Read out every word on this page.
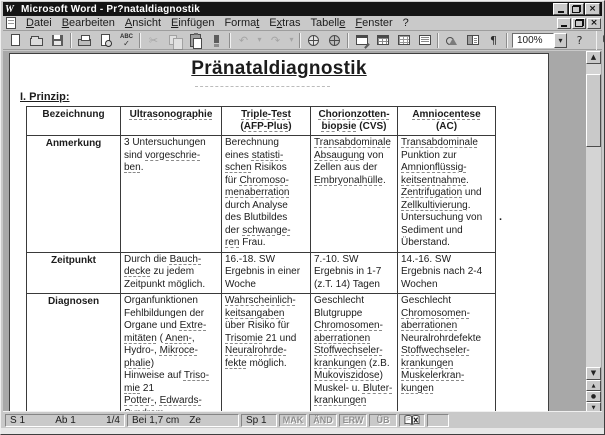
W Microsoft Word - Pr?nataldiagnostik	×
Datei Bearbeiten Ansicht Einfügen Format Extras Tabelle Fenster ?	×
ABC
✓ ✂	↶ ▾ ↷ ▾	¶	100%	▾	?
Pränataldiagnostik
I. Prinzip:
Bezeichnung	Ultrasonographie	Triple-Test
(AFP-Plus)	Chorionzotten-
biopsie (CVS)	Amniocentese
(AC)
Anmerkung	3 Untersuchungen
sind vorgeschrie-
ben.	Berechnung
eines statisti-
schen Risikos
für Chromoso-
menaberration
durch Analyse
des Blutbildes
der schwange-
ren Frau.	Transabdominale
Absaugung von
Zellen aus der
Embryonalhülle.	Transabdominale
Punktion zur
Amnionflüssig-
keitsentnahme.
Zentrifugation und
Zellkultivierung.
Untersuchung von
Sediment und
Überstand.
Zeitpunkt	Durch die Bauch-
decke zu jedem
Zeitpunkt möglich.	16.-18. SW
Ergebnis in einer
Woche	7.-10. SW
Ergebnis in 1-7
(z.T. 14) Tagen	14.-16. SW
Ergebnis nach 2-4
Wochen
Diagnosen	Organfunktionen
Fehlbildungen der
Organe und Extre-
mitäten ( Anen-,
Hydro-, Mikroce-
phalie)
Hinweise auf Triso-
mie 21
Potter-, Edwards-
	Wahrscheinlich-
keitsangaben
über Risiko für
Trisomie 21 und
Neuralrohrde-
fekte möglich.	Geschlecht
Blutgruppe
Chromosomen-
aberrationen
Stoffwechseler-
krankungen (z.B.
Mukoviszidose)
Muskel- u. Bluter-
krankungen	Geschlecht
Chromosomen-
aberrationen
Neuralrohrdefekte
Stoffwechseler-
krankungen
Muskelerkran-
kungen
.
▲
▼
▲
●
▼
S 1	Ab 1	1/4 Bei 1,7 cm Ze	Sp 1	MAK	ÄND	ERW	ÜB
